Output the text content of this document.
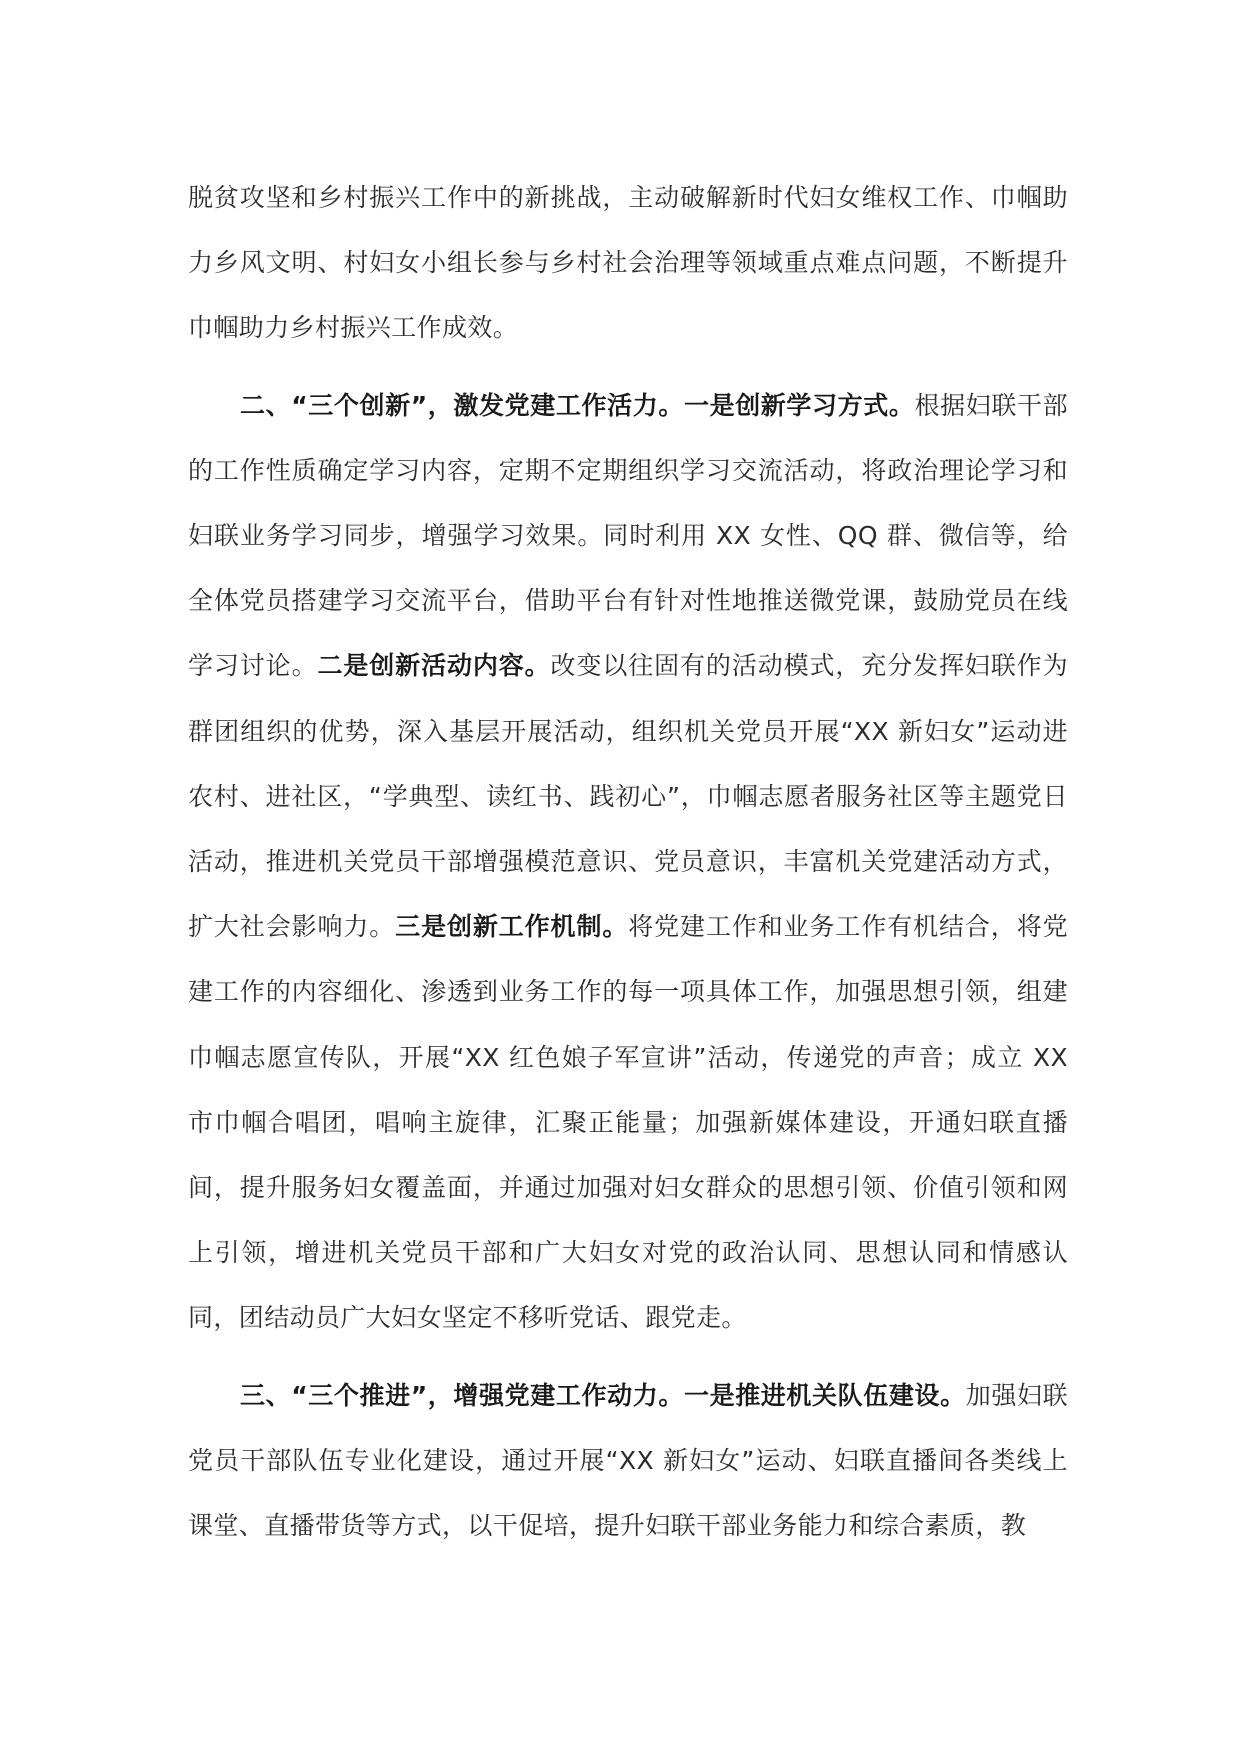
脱贫攻坚和乡村振兴工作中的新挑战，主动破解新时代妇女维权工作、巾帼助力乡风文明、村妇女小组长参与乡村社会治理等领域重点难点问题，不断提升巾帼助力乡村振兴工作成效。

二、“三个创新”，激发党建工作活力。一是创新学习方式。根据妇联干部的工作性质确定学习内容，定期不定期组织学习交流活动，将政治理论学习和妇联业务学习同步，增强学习效果。同时利用 XX 女性、QQ 群、微信等，给全体党员搭建学习交流平台，借助平台有针对性地推送微党课，鼓励党员在线学习讨论。二是创新活动内容。改变以往固有的活动模式，充分发挥妇联作为群团组织的优势，深入基层开展活动，组织机关党员开展“XX 新妇女”运动进农村、进社区，“学典型、读红书、践初心”，巾帼志愿者服务社区等主题党日活动，推进机关党员干部增强模范意识、党员意识，丰富机关党建活动方式，扩大社会影响力。三是创新工作机制。将党建工作和业务工作有机结合，将党建工作的内容细化、渗透到业务工作的每一项具体工作，加强思想引领，组建巾帼志愿宣传队，开展“XX 红色娘子军宣讲”活动，传递党的声音；成立 XX 市巾帼合唱团，唱响主旋律，汇聚正能量；加强新媒体建设，开通妇联直播间，提升服务妇女覆盖面，并通过加强对妇女群众的思想引领、价值引领和网上引领，增进机关党员干部和广大妇女对党的政治认同、思想认同和情感认同，团结动员广大妇女坚定不移听党话、跟党走。

三、“三个推进”，增强党建工作动力。一是推进机关队伍建设。加强妇联党员干部队伍专业化建设，通过开展“XX 新妇女”运动、妇联直播间各类线上课堂、直播带货等方式，以干促培，提升妇联干部业务能力和综合素质，教
